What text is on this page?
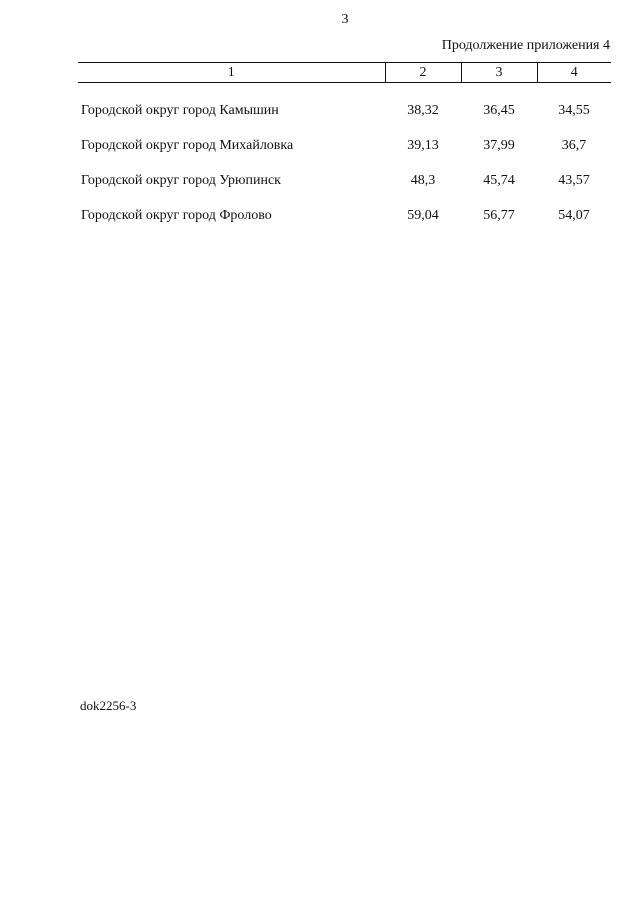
3
Продолжение приложения 4
1	2	3	4
Городской округ город Камышин	38,32	36,45	34,55
Городской округ город Михайловка	39,13	37,99	36,7
Городской округ город Урюпинск	48,3	45,74	43,57
Городской округ город Фролово	59,04	56,77	54,07
dok2256-3
